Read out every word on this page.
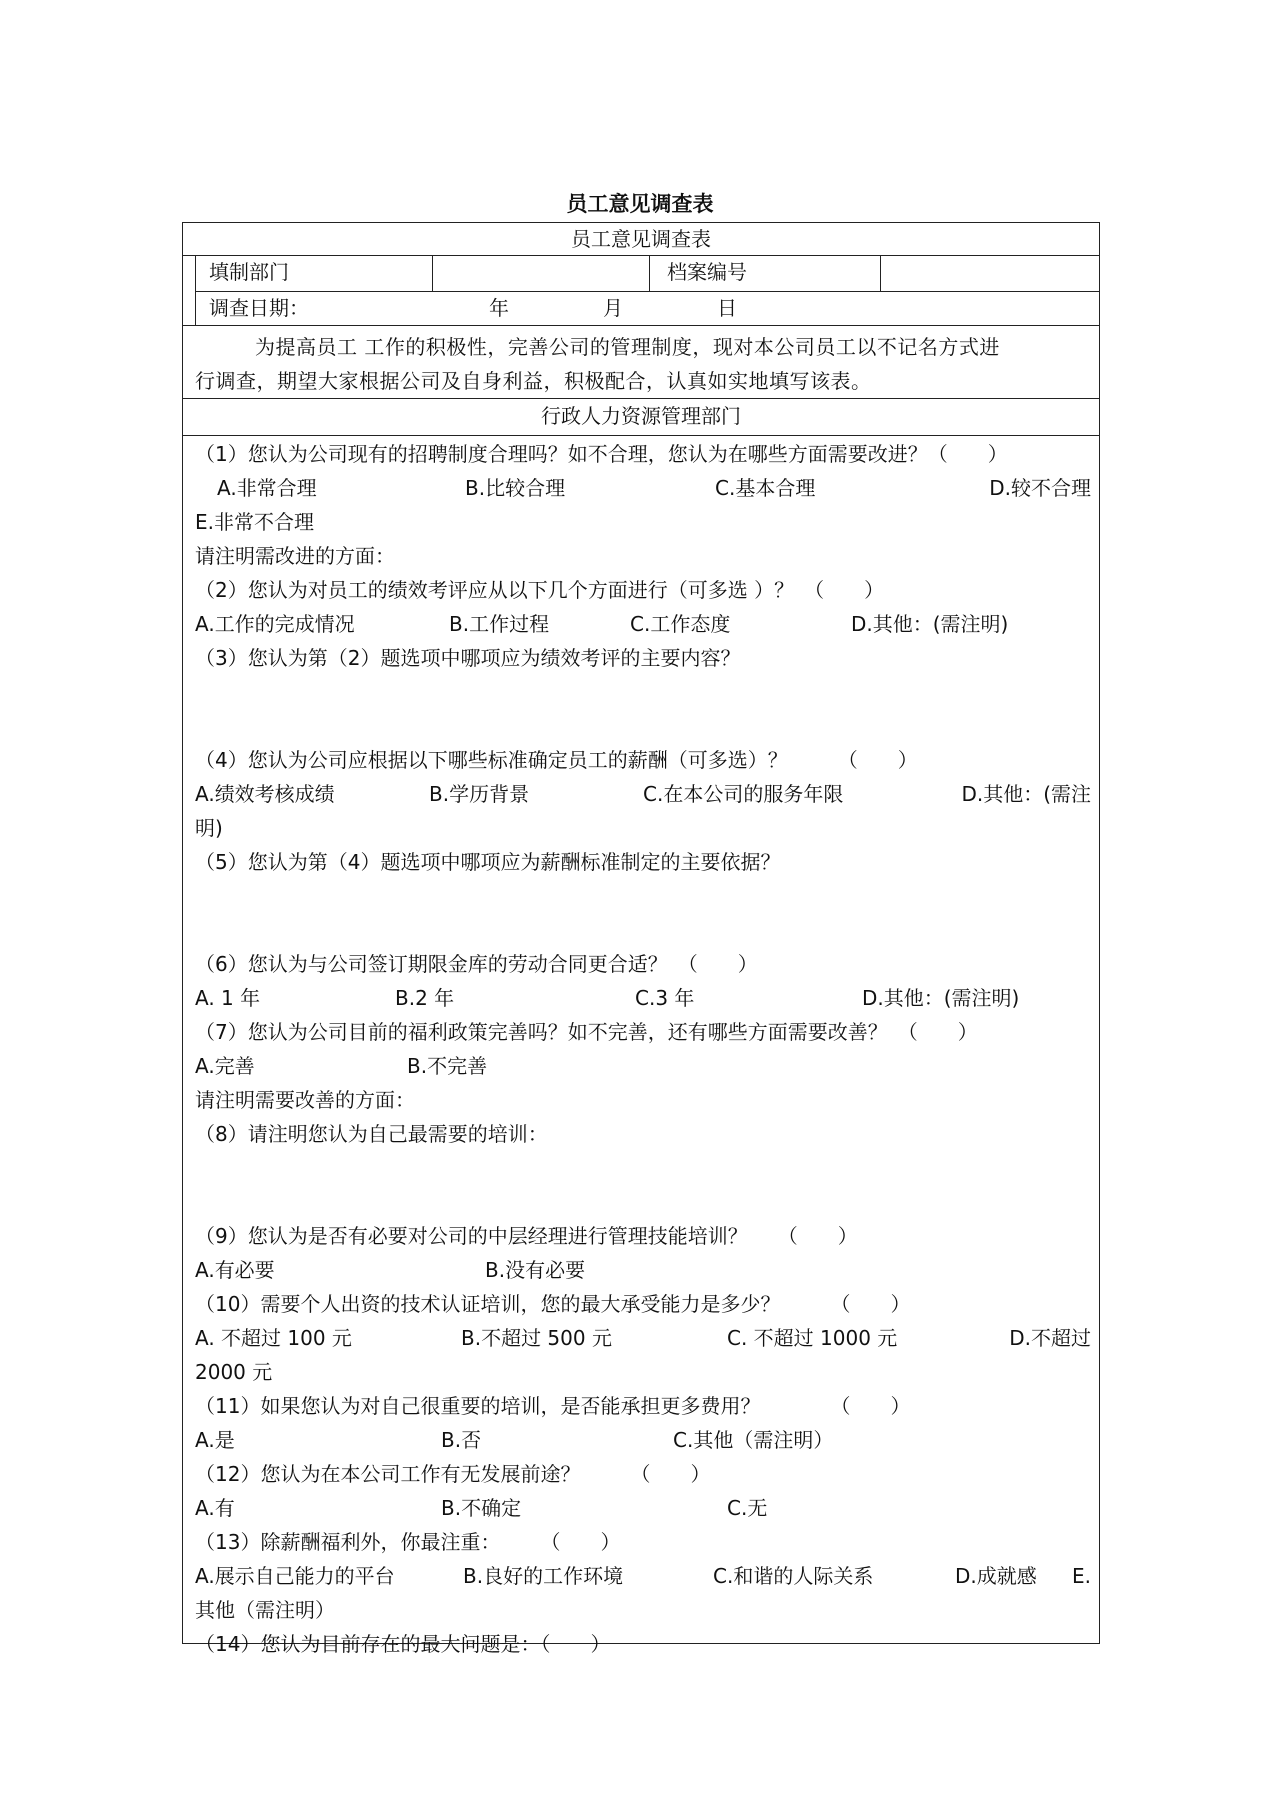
员工意见调查表
员工意见调查表
填制部门	档案编号
调查日期：	年	月	日
为提高员工 工作的积极性，完善公司的管理制度，现对本公司员工以不记名方式进
行调查，期望大家根据公司及自身利益，积极配合，认真如实地填写该表。
行政人力资源管理部门
（1）您认为公司现有的招聘制度合理吗？如不合理，您认为在哪些方面需要改进？（　　）
A.非常合理	B.比较合理	C.基本合理	D.较不合理
E.非常不合理
请注明需改进的方面：
（2）您认为对员工的绩效考评应从以下几个方面进行（可多选 ）？　（　　）
A.工作的完成情况	B.工作过程	C.工作态度	D.其他：(需注明)
（3）您认为第（2）题选项中哪项应为绩效考评的主要内容？
（4）您认为公司应根据以下哪些标准确定员工的薪酬（可多选）？　　　（　　）
A.绩效考核成绩	B.学历背景	C.在本公司的服务年限	D.其他：(需注
明)
（5）您认为第（4）题选项中哪项应为薪酬标准制定的主要依据？
（6）您认为与公司签订期限金库的劳动合同更合适？　（　　）
A. 1 年	B.2 年	C.3 年	D.其他：(需注明)
（7）您认为公司目前的福利政策完善吗？如不完善，还有哪些方面需要改善？　（　　）
A.完善	B.不完善
请注明需要改善的方面：
（8）请注明您认为自己最需要的培训：
（9）您认为是否有必要对公司的中层经理进行管理技能培训？　　（　　）
A.有必要	B.没有必要
（10）需要个人出资的技术认证培训，您的最大承受能力是多少？　　　（　　）
A. 不超过 100 元	B.不超过 500 元	C. 不超过 1000 元	D.不超过
2000 元
（11）如果您认为对自己很重要的培训，是否能承担更多费用？　　　　（　　）
A.是	B.否	C.其他（需注明）
（12）您认为在本公司工作有无发展前途？　　　（　　）
A.有	B.不确定	C.无
（13）除薪酬福利外，你最注重：　　　（　　）
A.展示自己能力的平台	B.良好的工作环境	C.和谐的人际关系	D.成就感 E.
其他（需注明）
（14）您认为目前存在的最大问题是：（　　）
